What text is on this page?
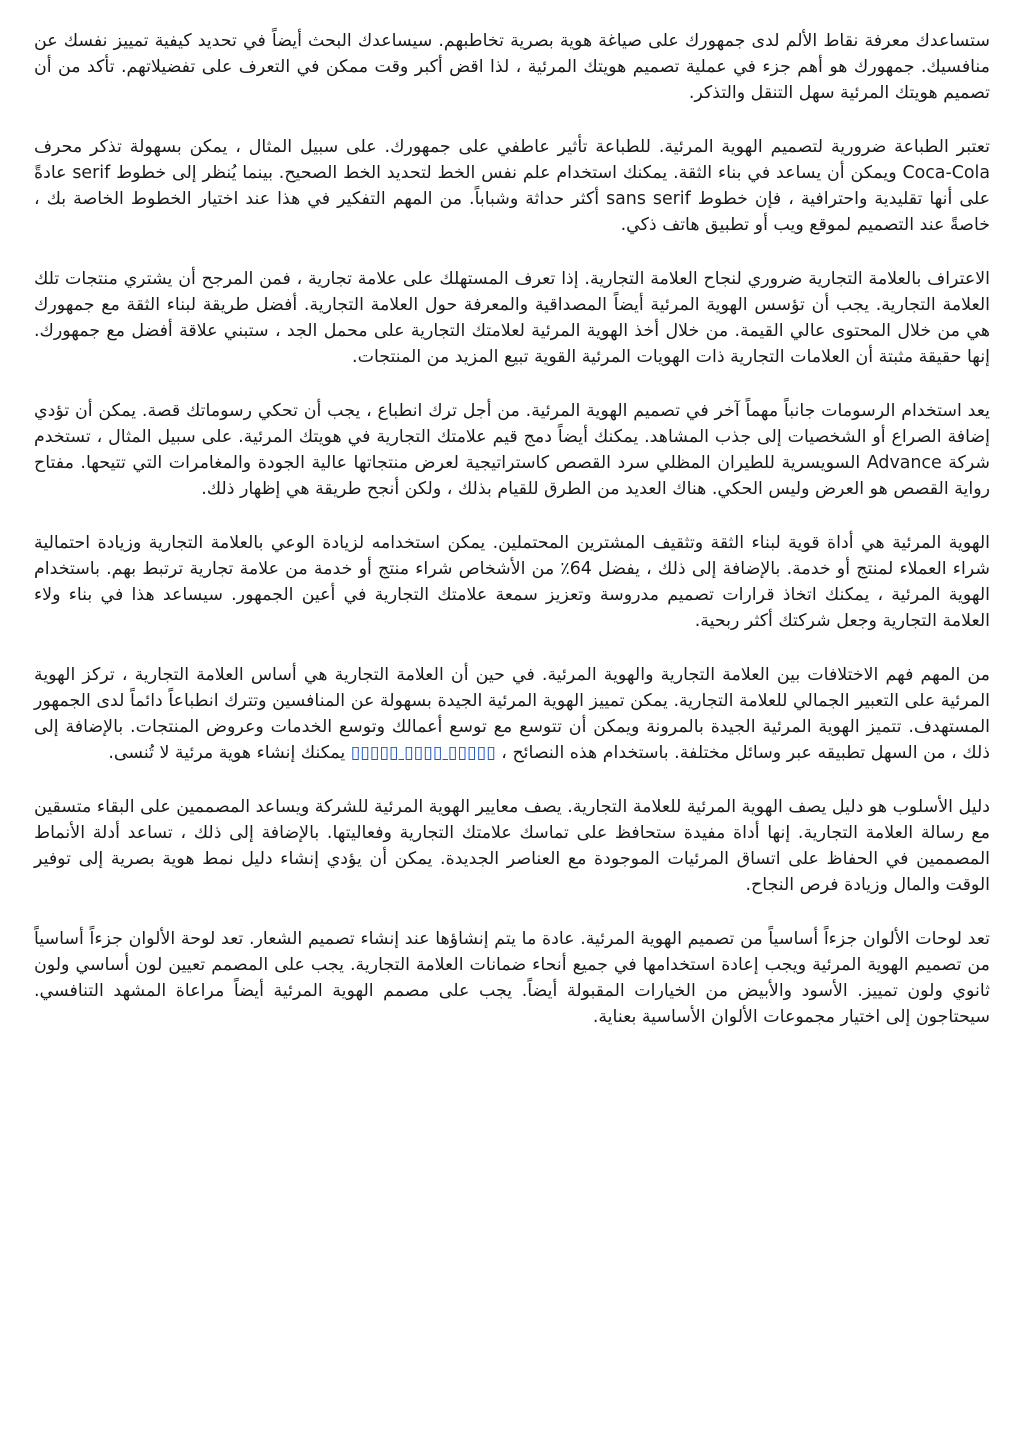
ستساعدك معرفة نقاط الألم لدى جمهورك على صياغة هوية بصرية تخاطبهم. سيساعدك البحث أيضاً في تحديد كيفية تمييز نفسك عن منافسيك. جمهورك هو أهم جزء في عملية تصميم هويتك المرئية ، لذا اقض أكبر وقت ممكن في التعرف على تفضيلاتهم. تأكد من أن تصميم هويتك المرئية سهل التنقل والتذكر.

تعتبر الطباعة ضرورية لتصميم الهوية المرئية. للطباعة تأثير عاطفي على جمهورك. على سبيل المثال ، يمكن بسهولة تذكر محرف Coca-Cola ويمكن أن يساعد في بناء الثقة. يمكنك استخدام علم نفس الخط لتحديد الخط الصحيح. بينما يُنظر إلى خطوط serif عادةً على أنها تقليدية واحترافية ، فإن خطوط sans serif أكثر حداثة وشباباً. من المهم التفكير في هذا عند اختيار الخطوط الخاصة بك ، خاصةً عند التصميم لموقع ويب أو تطبيق هاتف ذكي.

الاعتراف بالعلامة التجارية ضروري لنجاح العلامة التجارية. إذا تعرف المستهلك على علامة تجارية ، فمن المرجح أن يشتري منتجات تلك العلامة التجارية. يجب أن تؤسس الهوية المرئية أيضاً المصداقية والمعرفة حول العلامة التجارية. أفضل طريقة لبناء الثقة مع جمهورك هي من خلال المحتوى عالي القيمة. من خلال أخذ الهوية المرئية لعلامتك التجارية على محمل الجد ، ستبني علاقة أفضل مع جمهورك. إنها حقيقة مثبتة أن العلامات التجارية ذات الهويات المرئية القوية تبيع المزيد من المنتجات.

يعد استخدام الرسومات جانباً مهماً آخر في تصميم الهوية المرئية. من أجل ترك انطباع ، يجب أن تحكي رسوماتك قصة. يمكن أن تؤدي إضافة الصراع أو الشخصيات إلى جذب المشاهد. يمكنك أيضاً دمج قيم علامتك التجارية في هويتك المرئية. على سبيل المثال ، تستخدم شركة Advance السويسرية للطيران المظلي سرد القصص كاستراتيجية لعرض منتجاتها عالية الجودة والمغامرات التي تتيحها. مفتاح رواية القصص هو العرض وليس الحكي. هناك العديد من الطرق للقيام بذلك ، ولكن أنجح طريقة هي إظهار ذلك.

الهوية المرئية هي أداة قوية لبناء الثقة وتثقيف المشترين المحتملين. يمكن استخدامه لزيادة الوعي بالعلامة التجارية وزيادة احتمالية شراء العملاء لمنتج أو خدمة. بالإضافة إلى ذلك ، يفضل 64٪ من الأشخاص شراء منتج أو خدمة من علامة تجارية ترتبط بهم. باستخدام الهوية المرئية ، يمكنك اتخاذ قرارات تصميم مدروسة وتعزيز سمعة علامتك التجارية في أعين الجمهور. سيساعد هذا في بناء ولاء العلامة التجارية وجعل شركتك أكثر ربحية.

من المهم فهم الاختلافات بين العلامة التجارية والهوية المرئية. في حين أن العلامة التجارية هي أساس العلامة التجارية ، تركز الهوية المرئية على التعبير الجمالي للعلامة التجارية. يمكن تمييز الهوية المرئية الجيدة بسهولة عن المنافسين وتترك انطباعاً دائماً لدى الجمهور المستهدف. تتميز الهوية المرئية الجيدة بالمرونة ويمكن أن تتوسع مع توسع أعمالك وتوسع الخدمات وعروض المنتجات. بالإضافة إلى ذلك ، من السهل تطبيقه عبر وسائل مختلفة. باستخدام هذه النصائح ، ▯▯▯▯▯ ▯▯▯▯ ▯▯▯▯▯ يمكنك إنشاء هوية مرئية لا تُنسى.

دليل الأسلوب هو دليل يصف الهوية المرئية للعلامة التجارية. يصف معايير الهوية المرئية للشركة ويساعد المصممين على البقاء متسقين مع رسالة العلامة التجارية. إنها أداة مفيدة ستحافظ على تماسك علامتك التجارية وفعاليتها. بالإضافة إلى ذلك ، تساعد أدلة الأنماط المصممين في الحفاظ على اتساق المرئيات الموجودة مع العناصر الجديدة. يمكن أن يؤدي إنشاء دليل نمط هوية بصرية إلى توفير الوقت والمال وزيادة فرص النجاح.

تعد لوحات الألوان جزءاً أساسياً من تصميم الهوية المرئية. عادة ما يتم إنشاؤها عند إنشاء تصميم الشعار. تعد لوحة الألوان جزءاً أساسياً من تصميم الهوية المرئية ويجب إعادة استخدامها في جميع أنحاء ضمانات العلامة التجارية. يجب على المصمم تعيين لون أساسي ولون ثانوي ولون تمييز. الأسود والأبيض من الخيارات المقبولة أيضاً. يجب على مصمم الهوية المرئية أيضاً مراعاة المشهد التنافسي. سيحتاجون إلى اختيار مجموعات الألوان الأساسية بعناية.
